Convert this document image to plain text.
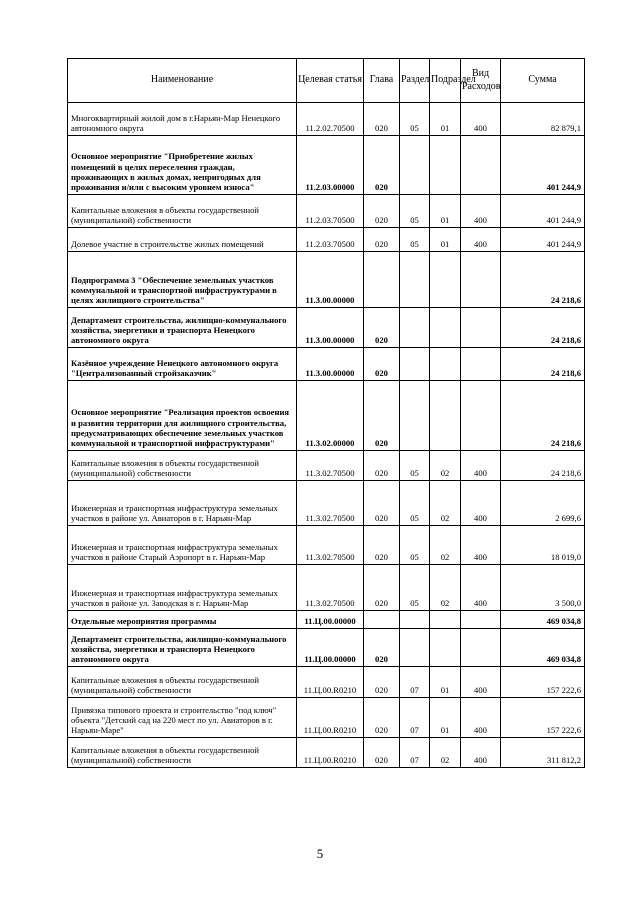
Наименование	Целевая статья	Глава	Раздел	Подраздел	Вид Расходов	Сумма
Многоквартирный жилой дом в г.Нарьян-Мар Ненецкого автономного округа	11.2.02.70500	020	05	01	400	82 879,1
Основное мероприятие "Приобретение жилых помещений в целях переселения граждан, проживающих в жилых домах, непригодных для проживания и/или с высоким уровнем износа"	11.2.03.00000	020				401 244,9
Капитальные вложения в объекты государственной (муниципальной) собственности	11.2.03.70500	020	05	01	400	401 244,9
Долевое участие в строительстве жилых помещений	11.2.03.70500	020	05	01	400	401 244,9
Подпрограмма 3 "Обеспечение земельных участков коммунальной и транспортной инфраструктурами в целях жилищного строительства"	11.3.00.00000					24 218,6
Департамент строительства, жилищно-коммунального хозяйства, энергетики и транспорта Ненецкого автономного округа	11.3.00.00000	020				24 218,6
Казённое учреждение Ненецкого автономного округа "Централизованный стройзаказчик"	11.3.00.00000	020				24 218,6
Основное мероприятие "Реализация проектов освоения и развития территории для жилищного строительства, предусматривающих обеспечение земельных участков коммунальной и транспортной инфраструктурами"	11.3.02.00000	020				24 218,6
Капитальные вложения в объекты государственной (муниципальной) собственности	11.3.02.70500	020	05	02	400	24 218,6
Инженерная и транспортная инфраструктура земельных участков в районе ул. Авиаторов в г. Нарьян-Мар	11.3.02.70500	020	05	02	400	2 699,6
Инженерная и транспортная инфраструктура земельных участков в районе Старый Аэропорт в г. Нарьян-Мар	11.3.02.70500	020	05	02	400	18 019,0
Инженерная и транспортная инфраструктура земельных участков в районе ул. Заводская в г. Нарьян-Мар	11.3.02.70500	020	05	02	400	3 500,0
Отдельные мероприятия программы	11.Ц.00.00000					469 034,8
Департамент строительства, жилищно-коммунального хозяйства, энергетики и транспорта Ненецкого автономного округа	11.Ц.00.00000	020				469 034,8
Капитальные вложения в объекты государственной (муниципальной) собственности	11.Ц.00.R0210	020	07	01	400	157 222,6
Привязка типового проекта и строительство "под ключ" объекта "Детский сад на 220 мест по ул. Авиаторов в г. Нарьян-Маре"	11.Ц.00.R0210	020	07	01	400	157 222,6
Капитальные вложения в объекты государственной (муниципальной) собственности	11.Ц.00.R0210	020	07	02	400	311 812,2
5
